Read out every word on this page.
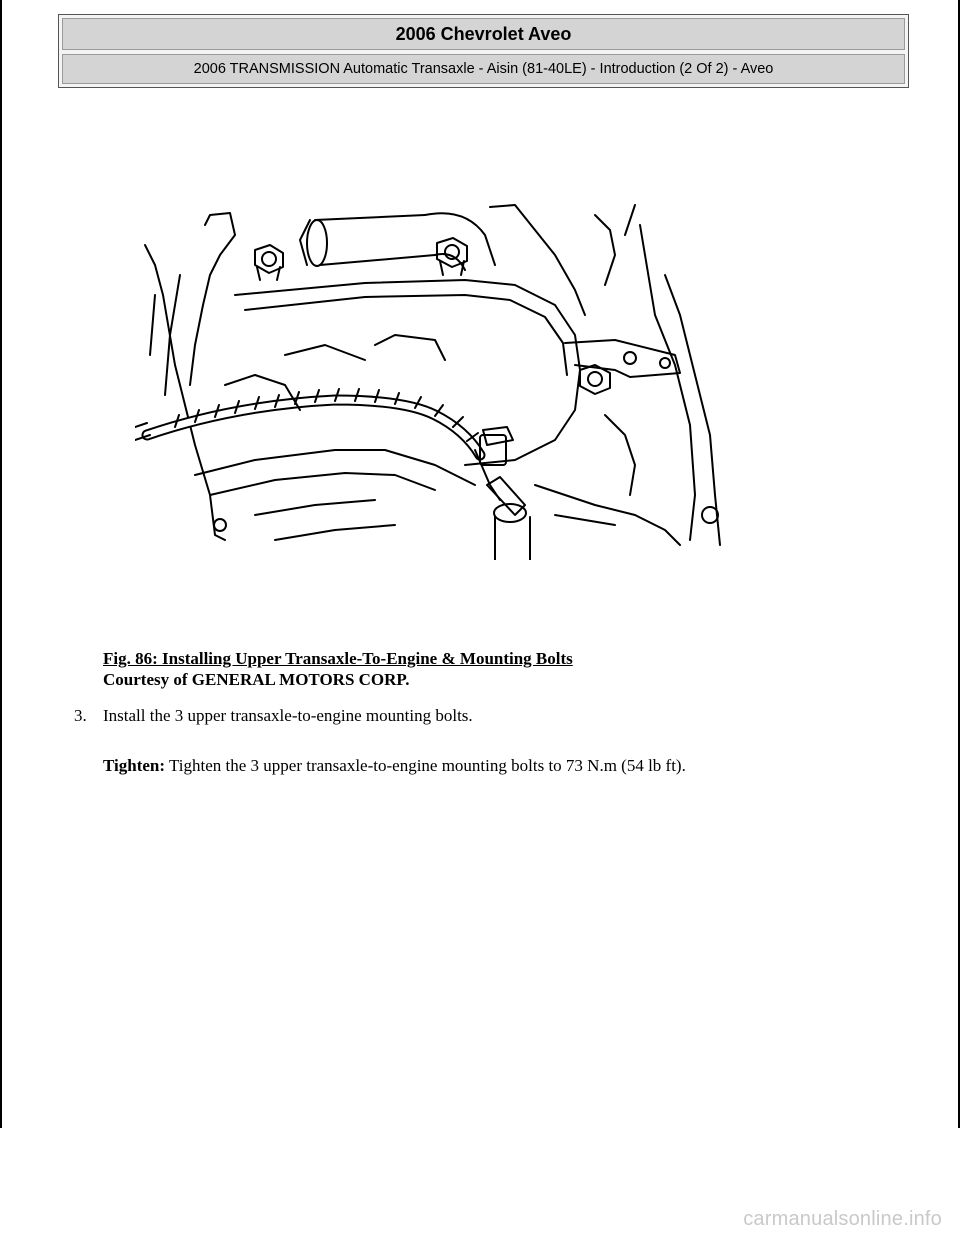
2006 Chevrolet Aveo
2006 TRANSMISSION Automatic Transaxle - Aisin (81-40LE) - Introduction (2 Of 2) - Aveo
Fig. 86: Installing Upper Transaxle-To-Engine & Mounting Bolts
Courtesy of GENERAL MOTORS CORP.
3. Install the 3 upper transaxle-to-engine mounting bolts.
Tighten: Tighten the 3 upper transaxle-to-engine mounting bolts to 73 N.m (54 lb ft).
carmanualsonline.info
